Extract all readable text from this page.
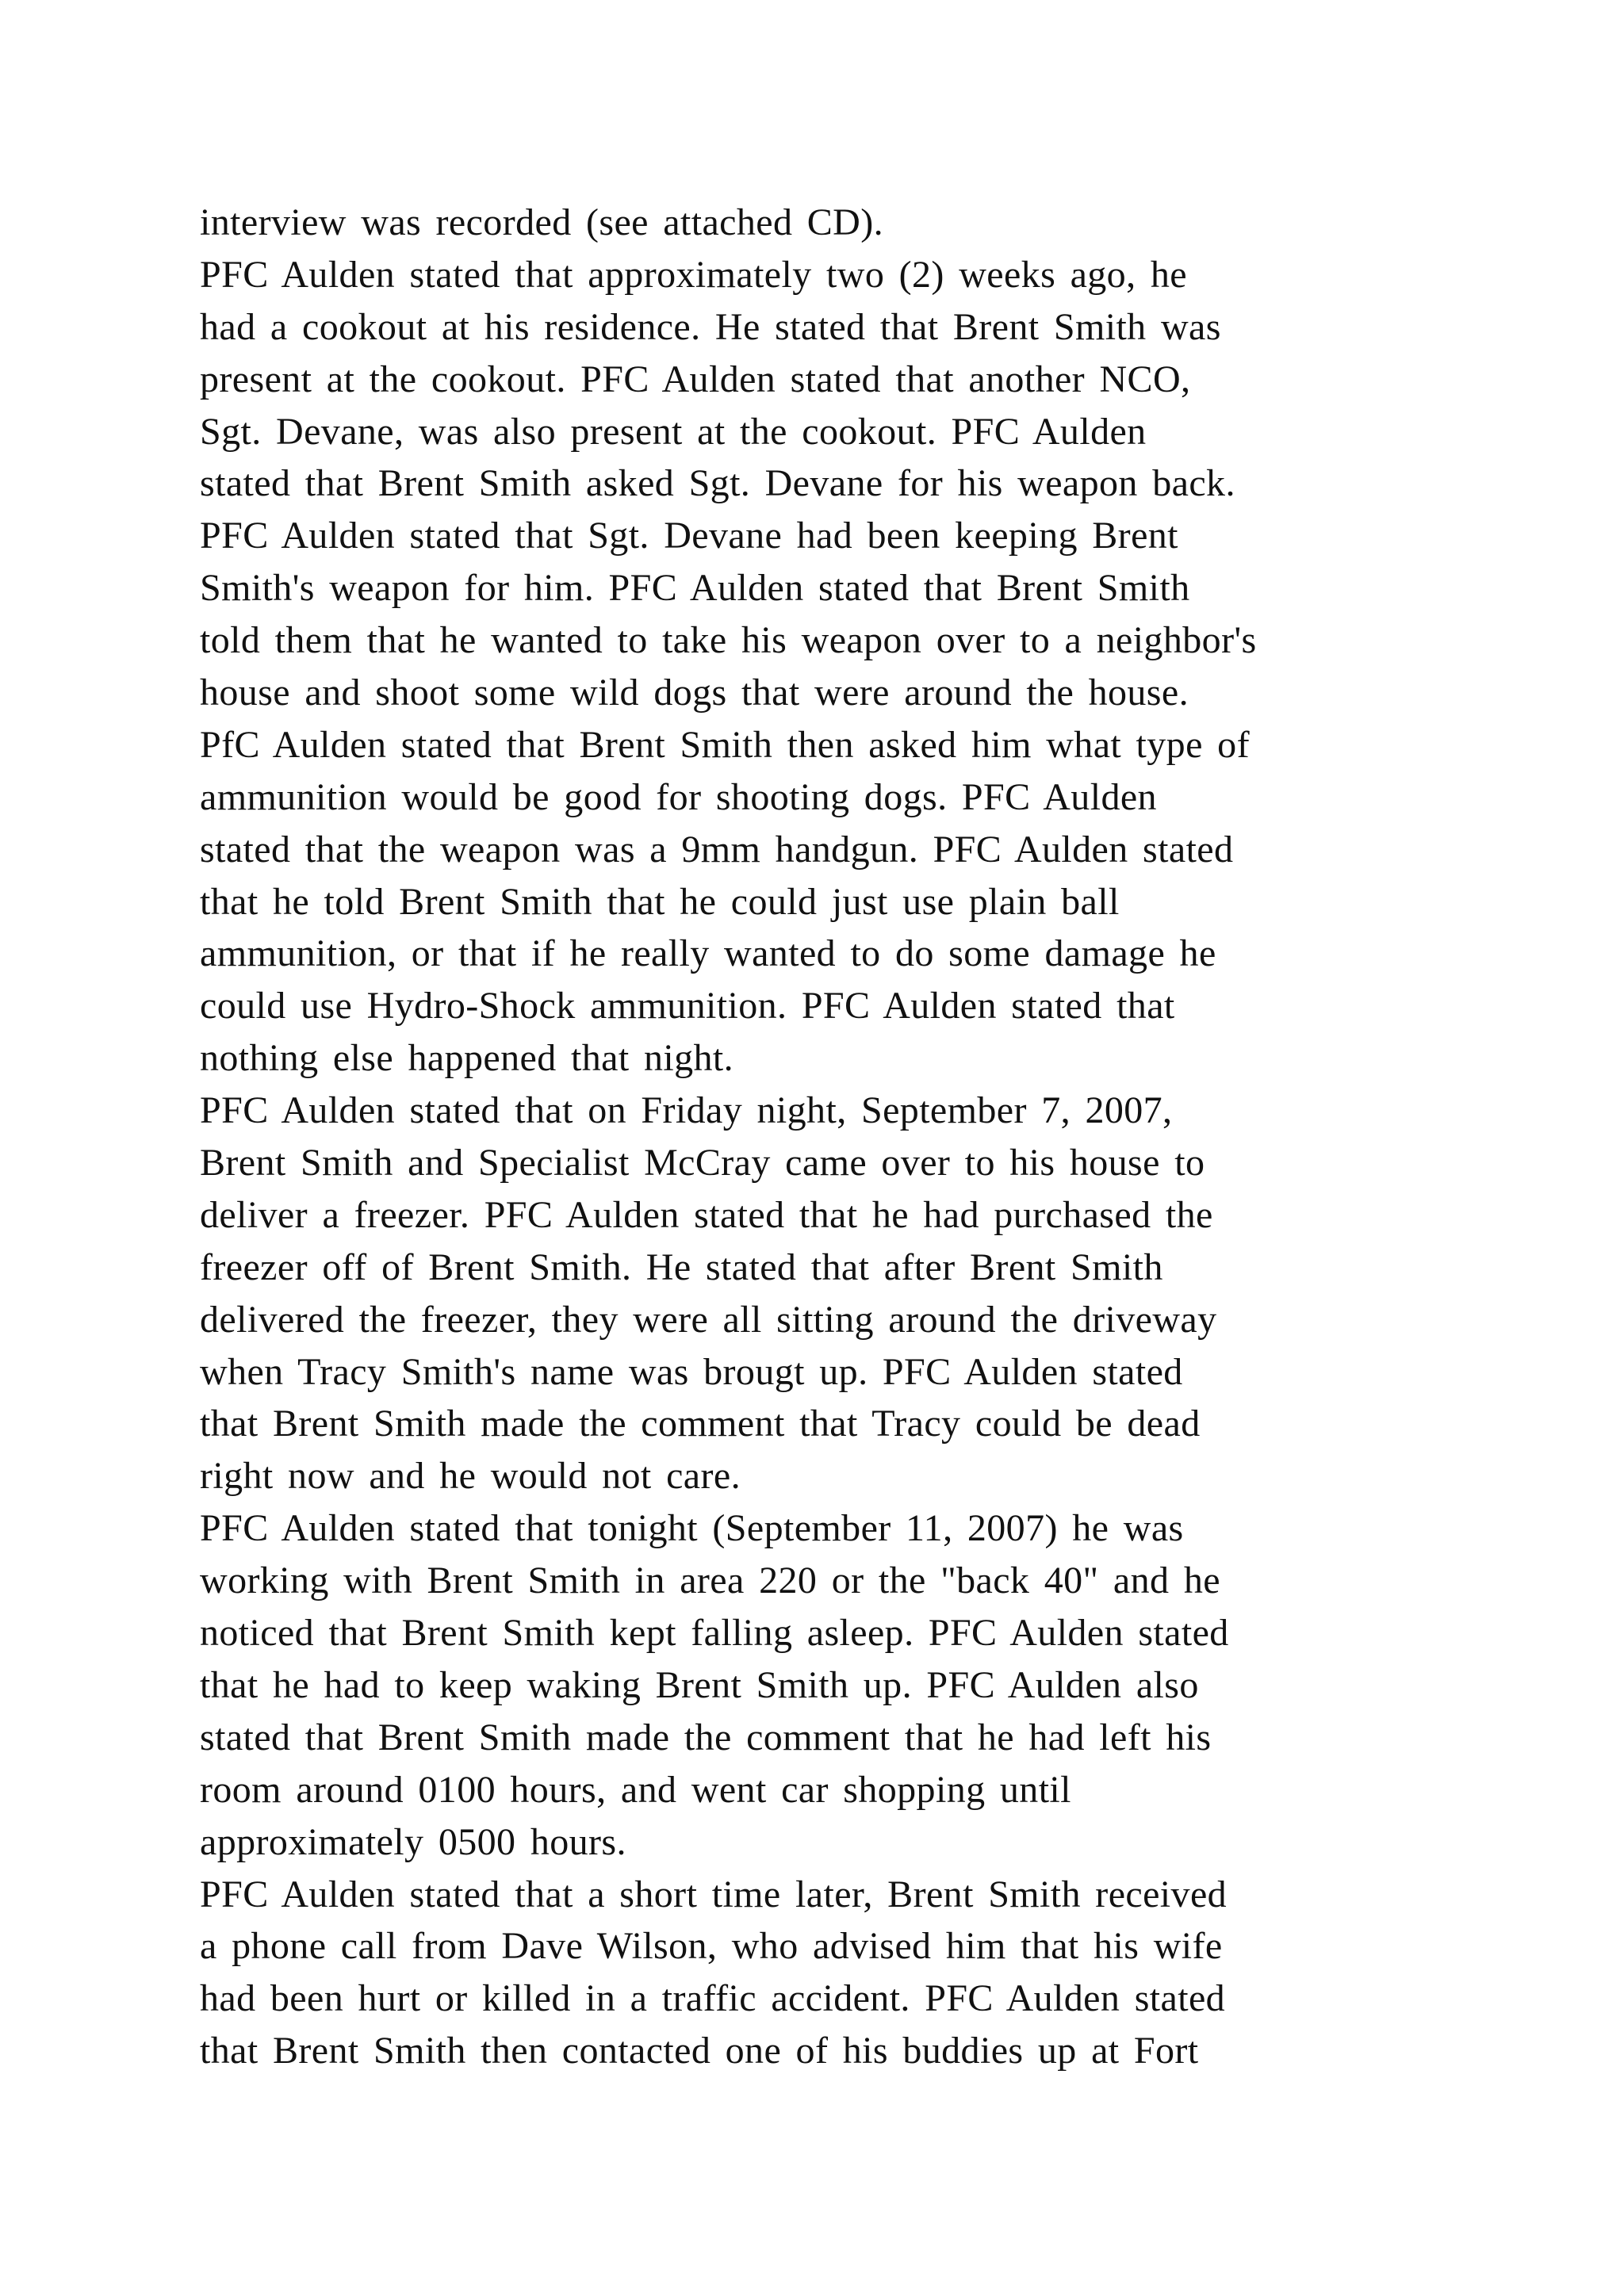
interview was recorded (see attached CD).
PFC Aulden stated that approximately two (2) weeks ago, he
had a cookout at his residence. He stated that Brent Smith was
present at the cookout. PFC Aulden stated that another NCO,
Sgt. Devane, was also present at the cookout. PFC Aulden
stated that Brent Smith asked Sgt. Devane for his weapon back.
PFC Aulden stated that Sgt. Devane had been keeping Brent
Smith's weapon for him. PFC Aulden stated that Brent Smith
told them that he wanted to take his weapon over to a neighbor's
house and shoot some wild dogs that were around the house.
PfC Aulden stated that Brent Smith then asked him what type of
ammunition would be good for shooting dogs. PFC Aulden
stated that the weapon was a 9mm handgun. PFC Aulden stated
that he told Brent Smith that he could just use plain ball
ammunition, or that if he really wanted to do some damage he
could use Hydro-Shock ammunition. PFC Aulden stated that
nothing else happened that night.
PFC Aulden stated that on Friday night, September 7, 2007,
Brent Smith and Specialist McCray came over to his house to
deliver a freezer. PFC Aulden stated that he had purchased the
freezer off of Brent Smith. He stated that after Brent Smith
delivered the freezer, they were all sitting around the driveway
when Tracy Smith's name was brougt up. PFC Aulden stated
that Brent Smith made the comment that Tracy could be dead
right now and he would not care.
PFC Aulden stated that tonight (September 11, 2007) he was
working with Brent Smith in area 220 or the "back 40" and he
noticed that Brent Smith kept falling asleep. PFC Aulden stated
that he had to keep waking Brent Smith up. PFC Aulden also
stated that Brent Smith made the comment that he had left his
room around 0100 hours, and went car shopping until
approximately 0500 hours.
PFC Aulden stated that a short time later, Brent Smith received
a phone call from Dave Wilson, who advised him that his wife
had been hurt or killed in a traffic accident. PFC Aulden stated
that Brent Smith then contacted one of his buddies up at Fort
